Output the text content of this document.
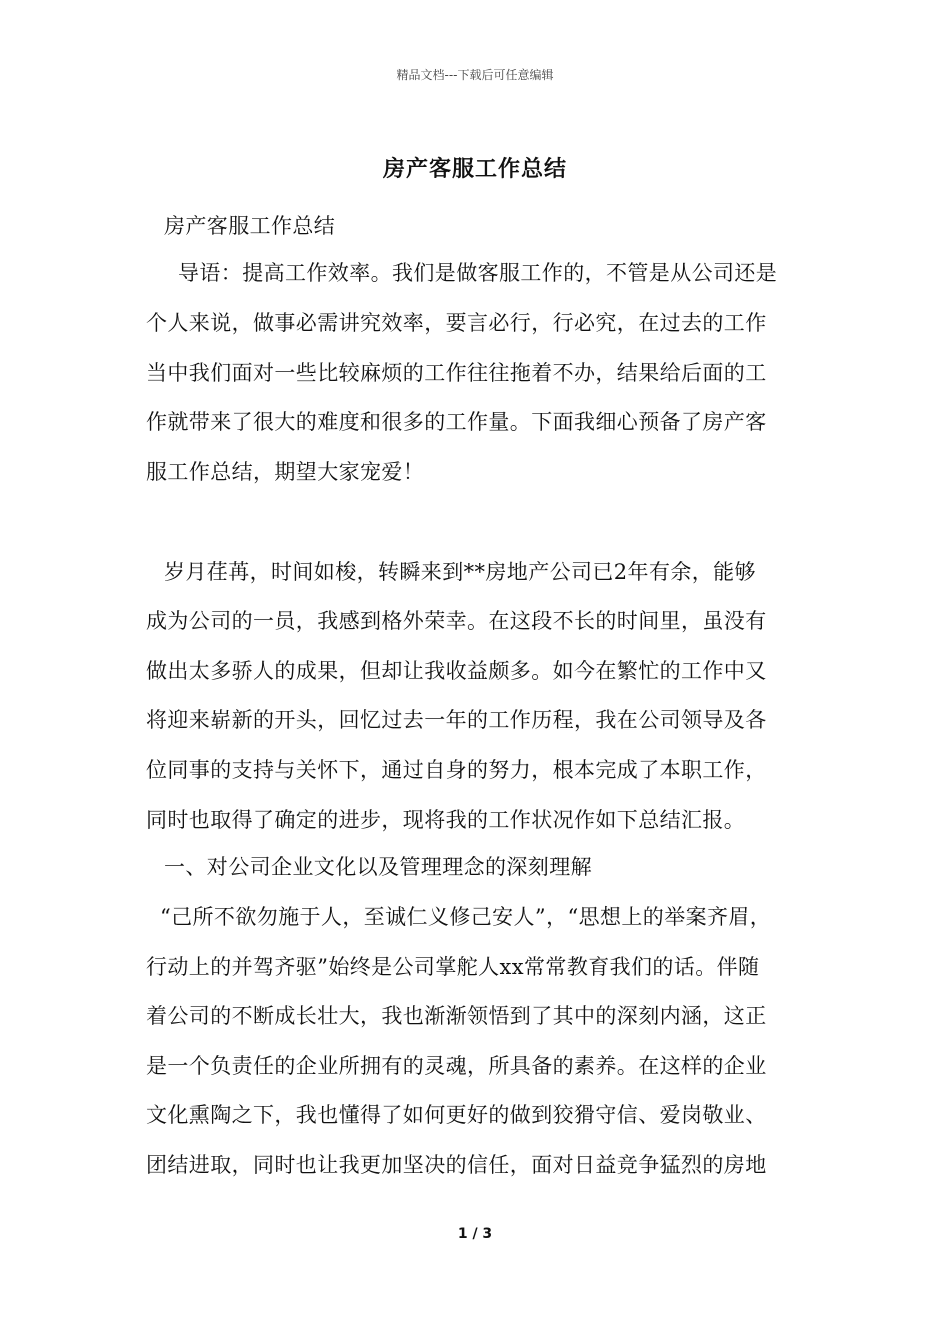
精品文档---下载后可任意编辑
房产客服工作总结
房产客服工作总结
导语：提高工作效率。我们是做客服工作的，不管是从公司还是
个人来说，做事必需讲究效率，要言必行，行必究，在过去的工作
当中我们面对一些比较麻烦的工作往往拖着不办，结果给后面的工
作就带来了很大的难度和很多的工作量。下面我细心预备了房产客
服工作总结，期望大家宠爱！
岁月荏苒，时间如梭，转瞬来到**房地产公司已2年有余，能够
成为公司的一员，我感到格外荣幸。在这段不长的时间里，虽没有
做出太多骄人的成果，但却让我收益颇多。如今在繁忙的工作中又
将迎来崭新的开头，回忆过去一年的工作历程，我在公司领导及各
位同事的支持与关怀下，通过自身的努力，根本完成了本职工作，
同时也取得了确定的进步，现将我的工作状况作如下总结汇报。
一、对公司企业文化以及管理理念的深刻理解
“己所不欲勿施于人，至诚仁义修己安人”，“思想上的举案齐眉，
行动上的并驾齐驱”始终是公司掌舵人xx常常教育我们的话。伴随
着公司的不断成长壮大，我也渐渐领悟到了其中的深刻内涵，这正
是一个负责任的企业所拥有的灵魂，所具备的素养。在这样的企业
文化熏陶之下，我也懂得了如何更好的做到狡猾守信、爱岗敬业、
团结进取，同时也让我更加坚决的信任，面对日益竞争猛烈的房地
1 / 3
